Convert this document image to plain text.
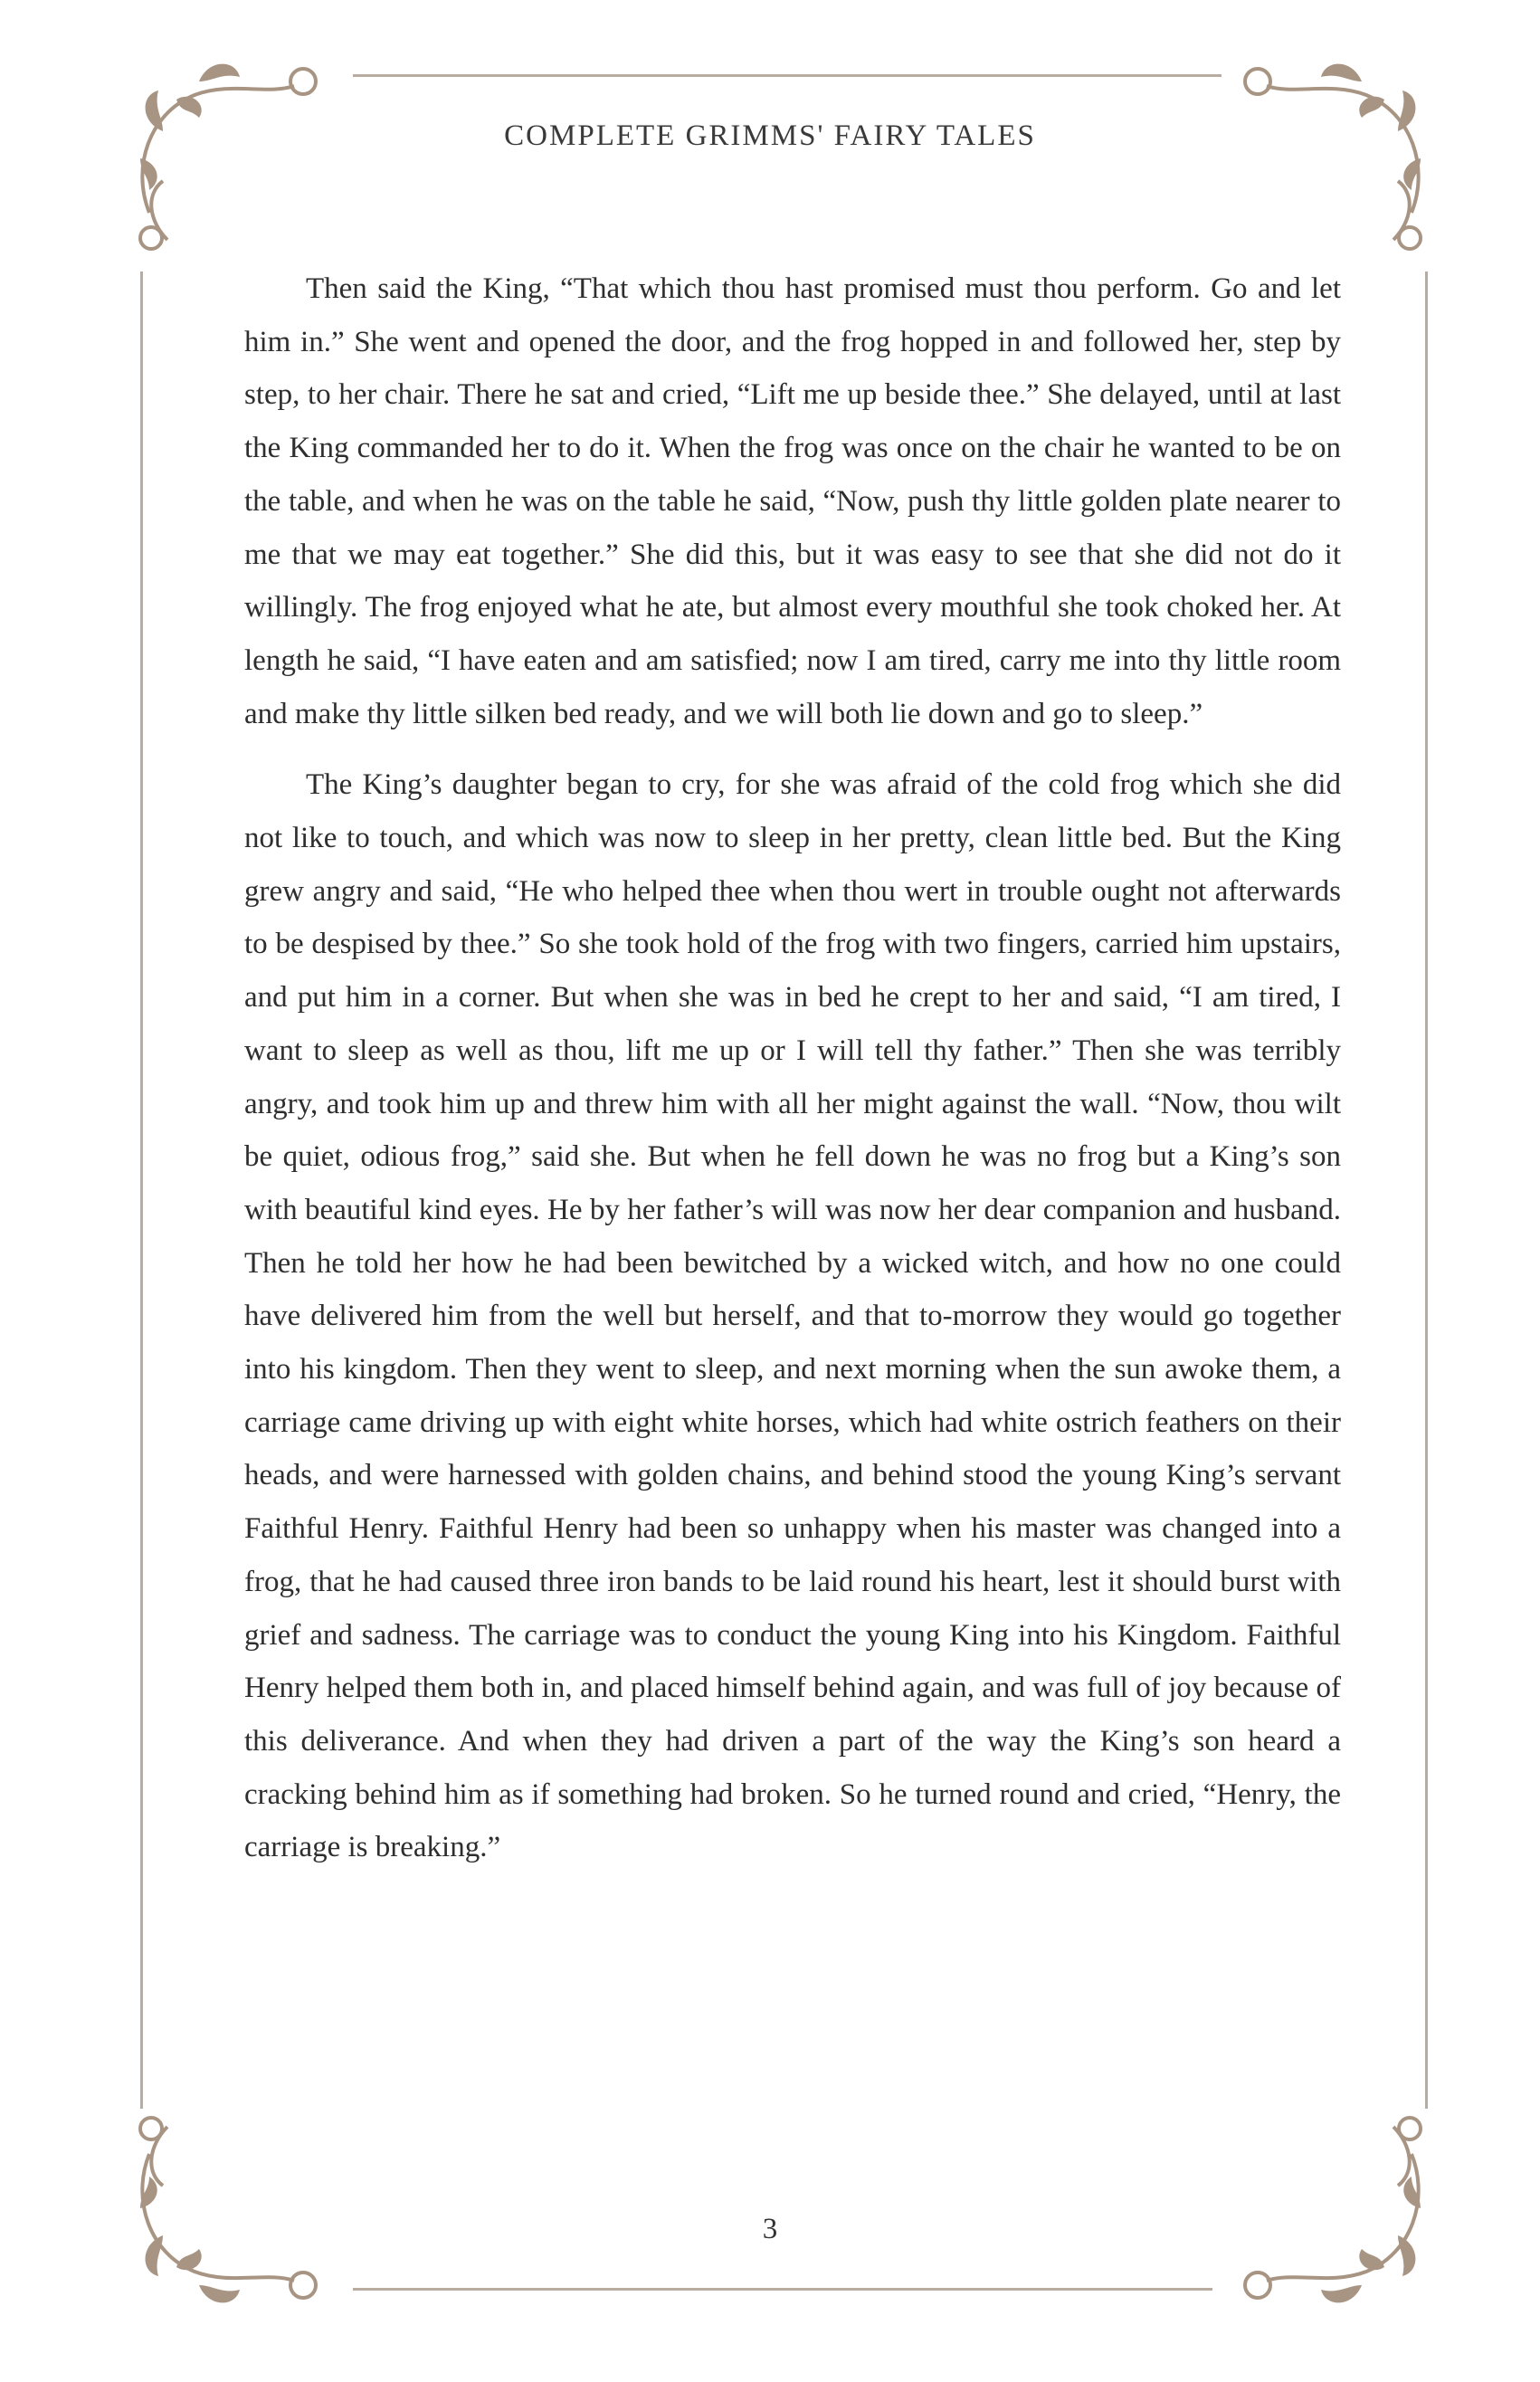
COMPLETE GRIMMS' FAIRY TALES

Then said the King, “That which thou hast promised must thou perform. Go and let him in.” She went and opened the door, and the frog hopped in and followed her, step by step, to her chair. There he sat and cried, “Lift me up beside thee.” She delayed, until at last the King commanded her to do it. When the frog was once on the chair he wanted to be on the table, and when he was on the table he said, “Now, push thy little golden plate nearer to me that we may eat together.” She did this, but it was easy to see that she did not do it willingly. The frog enjoyed what he ate, but almost every mouthful she took choked her. At length he said, “I have eaten and am satisfied; now I am tired, carry me into thy little room and make thy little silken bed ready, and we will both lie down and go to sleep.”

The King’s daughter began to cry, for she was afraid of the cold frog which she did not like to touch, and which was now to sleep in her pretty, clean little bed. But the King grew angry and said, “He who helped thee when thou wert in trouble ought not afterwards to be despised by thee.” So she took hold of the frog with two fingers, carried him upstairs, and put him in a corner. But when she was in bed he crept to her and said, “I am tired, I want to sleep as well as thou, lift me up or I will tell thy father.” Then she was terribly angry, and took him up and threw him with all her might against the wall. “Now, thou wilt be quiet, odious frog,” said she. But when he fell down he was no frog but a King’s son with beautiful kind eyes. He by her father’s will was now her dear companion and husband. Then he told her how he had been bewitched by a wicked witch, and how no one could have delivered him from the well but herself, and that to-morrow they would go together into his kingdom. Then they went to sleep, and next morning when the sun awoke them, a carriage came driving up with eight white horses, which had white ostrich feathers on their heads, and were harnessed with golden chains, and behind stood the young King’s servant Faithful Henry. Faithful Henry had been so unhappy when his master was changed into a frog, that he had caused three iron bands to be laid round his heart, lest it should burst with grief and sadness. The carriage was to conduct the young King into his Kingdom. Faithful Henry helped them both in, and placed himself behind again, and was full of joy because of this deliverance. And when they had driven a part of the way the King’s son heard a cracking behind him as if something had broken. So he turned round and cried, “Henry, the carriage is breaking.”

3
